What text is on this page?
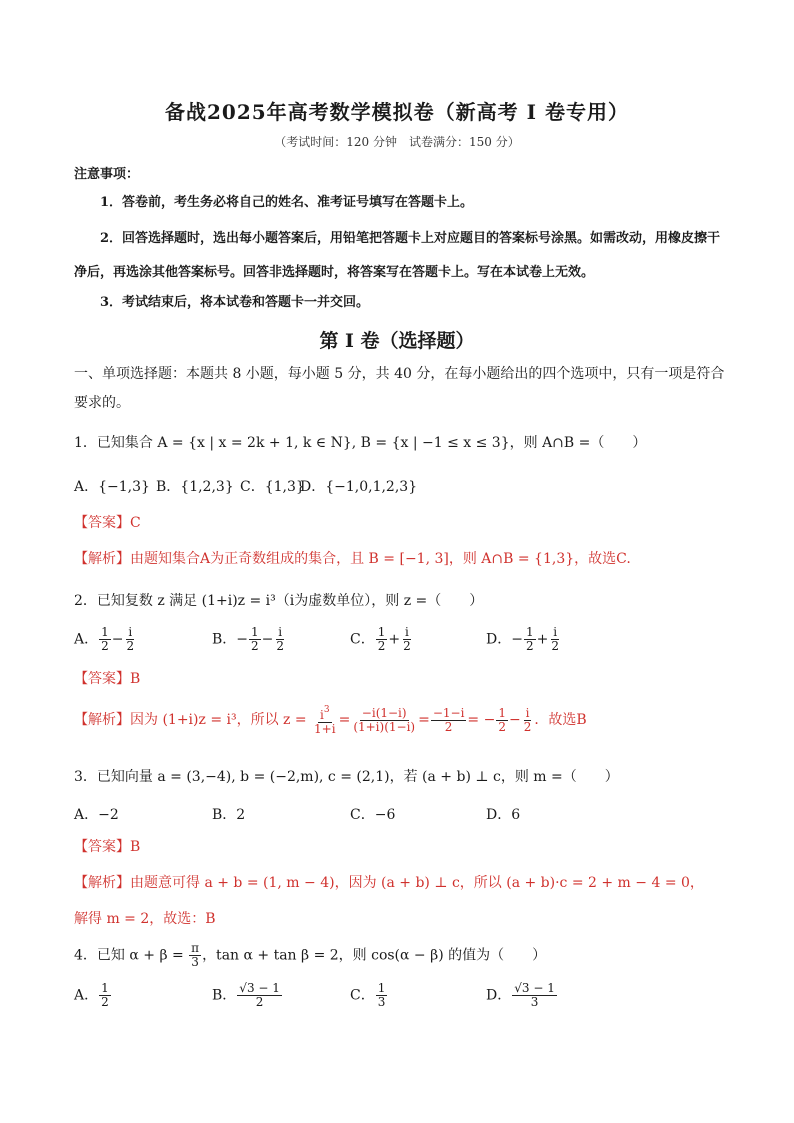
备战2025年高考数学模拟卷（新高考 I 卷专用）
（考试时间：120 分钟　试卷满分：150 分）
注意事项：
1．答卷前，考生务必将自己的姓名、准考证号填写在答题卡上。
2．回答选择题时，选出每小题答案后，用铅笔把答题卡上对应题目的答案标号涂黑。如需改动，用橡皮擦干净后，再选涂其他答案标号。回答非选择题时，将答案写在答题卡上。写在本试卷上无效。
3．考试结束后，将本试卷和答题卡一并交回。
第 I 卷（选择题）
一、单项选择题：本题共 8 小题，每小题 5 分，共 40 分，在每小题给出的四个选项中，只有一项是符合要求的。
1．已知集合 A = {x | x = 2k + 1, k ∈ N}, B = {x | −1 ≤ x ≤ 3}，则 A∩B =（　　）
A．{−1,3} B．{1,2,3} C．{1,3}
D．{−1,0,1,2,3}
【答案】C
【解析】由题知集合A为正奇数组成的集合，且 B = [−1, 3]，则 A∩B = {1,3}，故选C.
2．已知复数 z 满足 (1+i)z = i³（i为虚数单位），则 z =（　　）
A． $\frac{1}{2} - \frac{i}{2}$	B．− $\frac{1}{2} - \frac{i}{2}$	C． $\frac{1}{2} + \frac{i}{2}$	D．− $\frac{1}{2} + \frac{i}{2}$
【答案】B
【解析】因为 (1+i)z = i³，所以 $z = \frac{i^3}{1+i} = \frac{-i(1-i)}{(1+i)(1-i)} = \frac{-1-i}{2}$ = − $\frac{1}{2} - \frac{i}{2}$ ．故选B
3．已知向量 a = (3,−4), b = (−2,m), c = (2,1)，若 (a + b) ⊥ c，则 m =（　　）
A．−2	B．2	C．−6	D．6
【答案】B
【解析】由题意可得 a + b = (1, m − 4)，因为 (a + b) ⊥ c，所以 (a + b)·c = 2 + m − 4 = 0，
解得 m = 2，故选：B
4．已知 $\alpha + \beta = \frac{\pi}{3}$ ，tan α + tan β = 2，则 cos(α − β) 的值为（　　）
A． $\frac{1}{2}$	B． $\frac{√3 - 1}{2}$	C． $\frac{1}{3}$	D． $\frac{√3 - 1}{3}$
